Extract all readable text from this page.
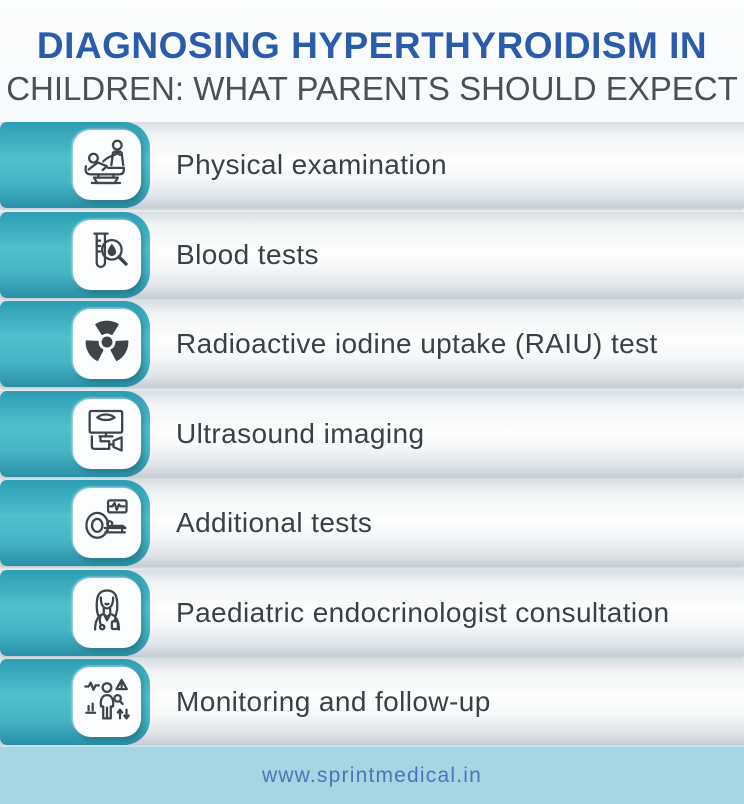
DIAGNOSING HYPERTHYROIDISM IN
CHILDREN: WHAT PARENTS SHOULD EXPECT
Physical examination
Blood tests
Radioactive iodine uptake (RAIU) test
Ultrasound imaging
Additional tests
Paediatric endocrinologist consultation
Monitoring and follow-up
www.sprintmedical.in
